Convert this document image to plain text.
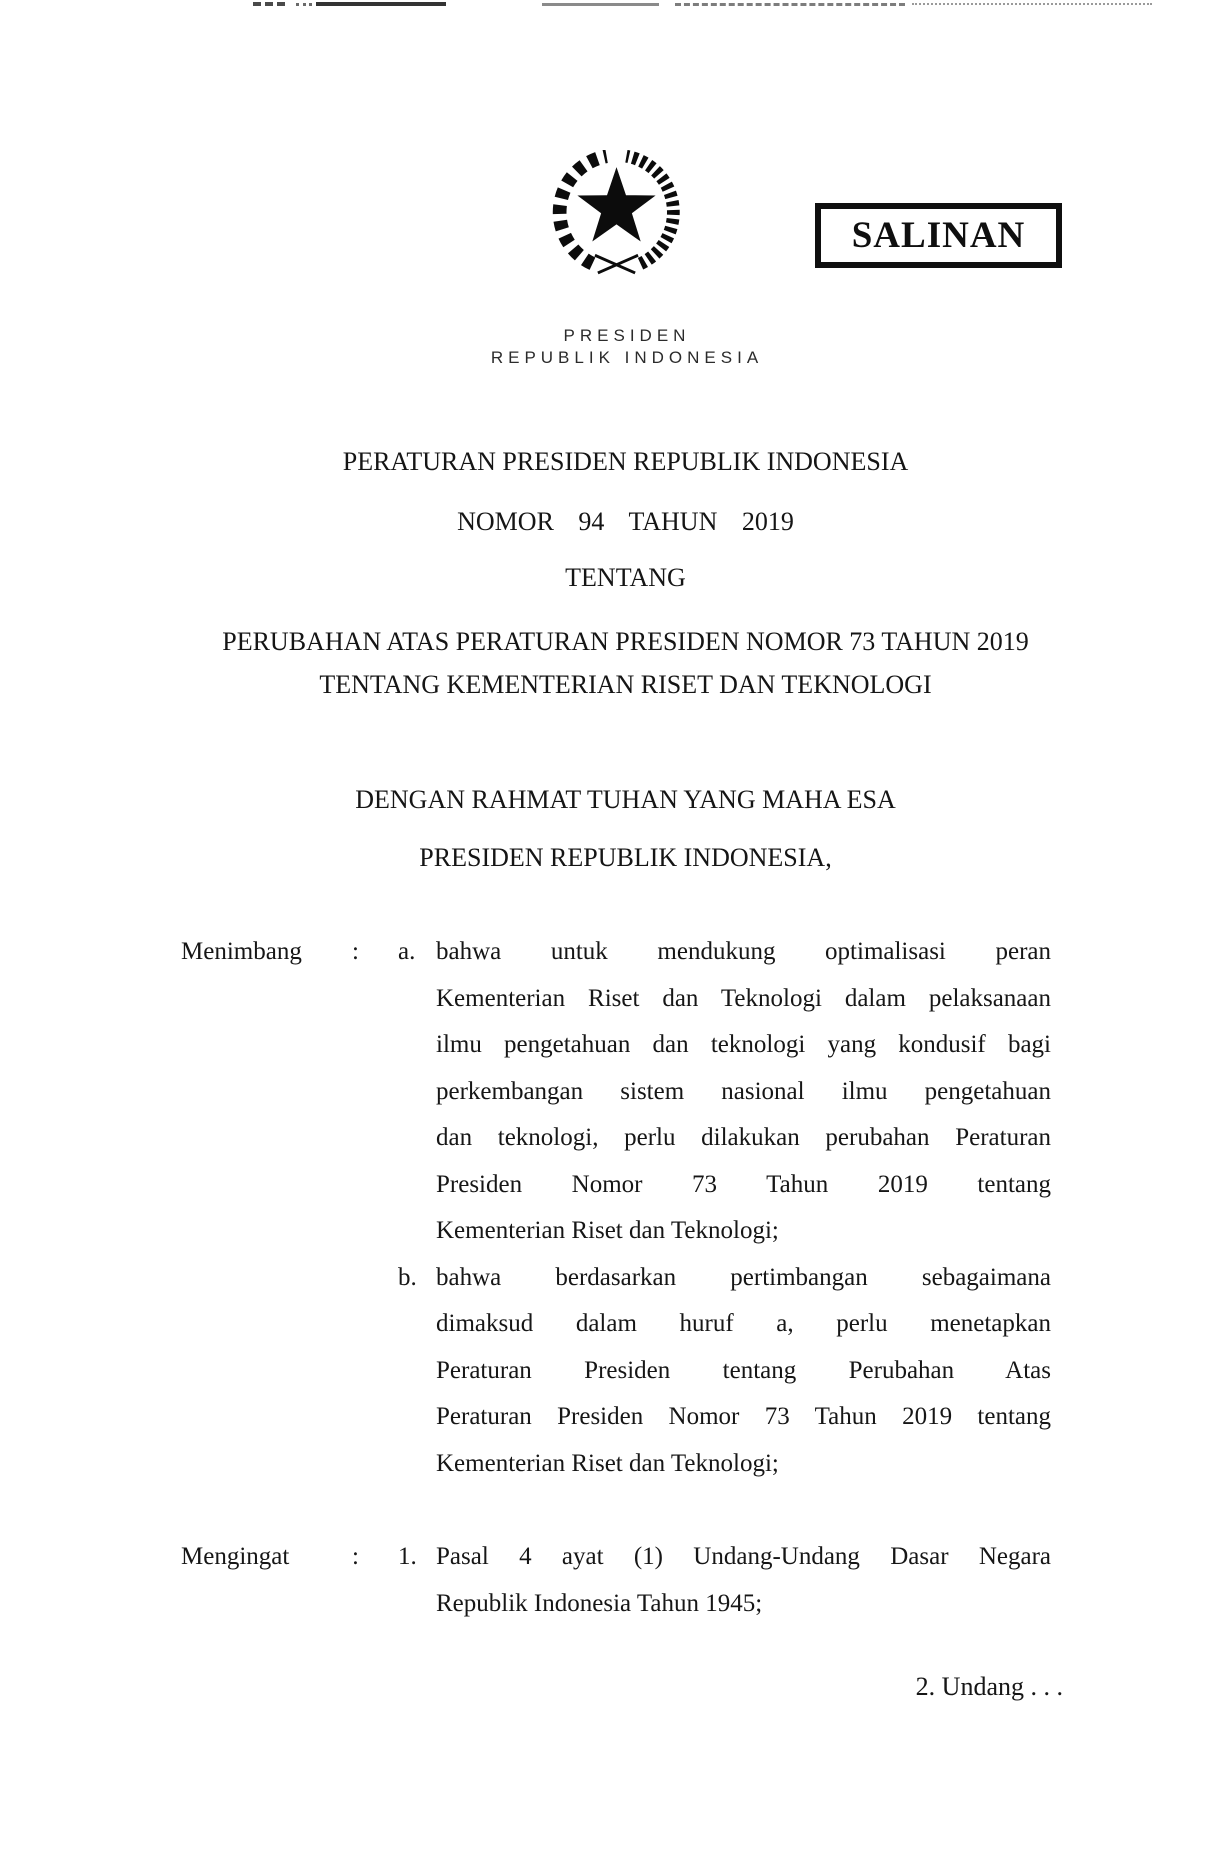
SALINAN
PRESIDEN
REPUBLIK INDONESIA
PERATURAN PRESIDEN REPUBLIK INDONESIA
NOMOR 94 TAHUN 2019
TENTANG
PERUBAHAN ATAS PERATURAN PRESIDEN NOMOR 73 TAHUN 2019
TENTANG KEMENTERIAN RISET DAN TEKNOLOGI
DENGAN RAHMAT TUHAN YANG MAHA ESA
PRESIDEN REPUBLIK INDONESIA,
Menimbang	:	a. bahwa untuk mendukung optimalisasi peran
Kementerian Riset dan Teknologi dalam pelaksanaan
ilmu pengetahuan dan teknologi yang kondusif bagi
perkembangan sistem nasional ilmu pengetahuan
dan teknologi, perlu dilakukan perubahan Peraturan
Presiden Nomor 73 Tahun 2019 tentang
Kementerian Riset dan Teknologi;
b. bahwa berdasarkan pertimbangan sebagaimana
dimaksud dalam huruf a, perlu menetapkan
Peraturan Presiden tentang Perubahan Atas
Peraturan Presiden Nomor 73 Tahun 2019 tentang
Kementerian Riset dan Teknologi;
Mengingat	:	1. Pasal 4 ayat (1) Undang-Undang Dasar Negara
Republik Indonesia Tahun 1945;
2. Undang . . .
